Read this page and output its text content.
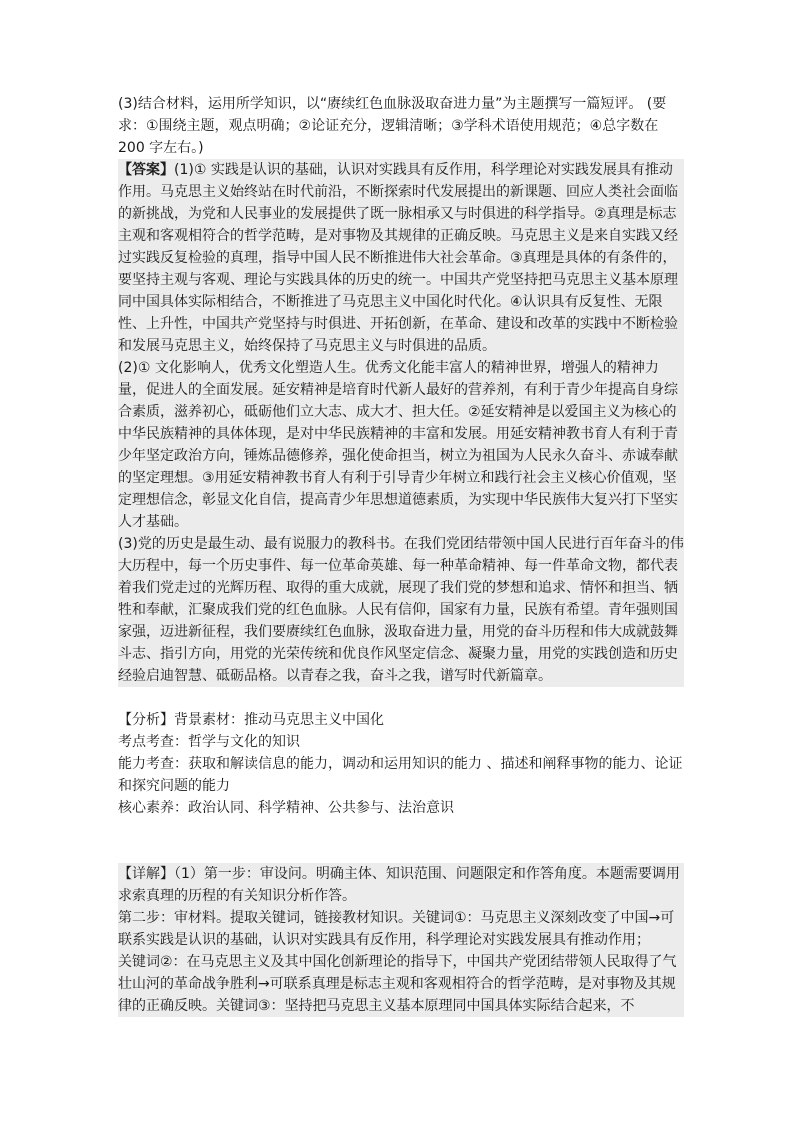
(3)结合材料，运用所学知识，以“赓续红色血脉汲取奋进力量”为主题撰写一篇短评。 (要求：①围绕主题，观点明确；②论证充分，逻辑清晰；③学科术语使用规范；④总字数在200 字左右。)

【答案】(1)① 实践是认识的基础，认识对实践具有反作用，科学理论对实践发展具有推动作用。马克思主义始终站在时代前沿，不断探索时代发展提出的新课题、回应人类社会面临的新挑战，为党和人民事业的发展提供了既一脉相承又与时俱进的科学指导。②真理是标志主观和客观相符合的哲学范畴，是对事物及其规律的正确反映。马克思主义是来自实践又经过实践反复检验的真理，指导中国人民不断推进伟大社会革命。③真理是具体的有条件的，要坚持主观与客观、理论与实践具体的历史的统一。中国共产党坚持把马克思主义基本原理同中国具体实际相结合，不断推进了马克思主义中国化时代化。④认识具有反复性、无限性、上升性，中国共产党坚持与时俱进、开拓创新，在革命、建设和改革的实践中不断检验和发展马克思主义，始终保持了马克思主义与时俱进的品质。

(2)① 文化影响人，优秀文化塑造人生。优秀文化能丰富人的精神世界，增强人的精神力量，促进人的全面发展。延安精神是培育时代新人最好的营养剂，有利于青少年提高自身综合素质，滋养初心，砥砺他们立大志、成大才、担大任。②延安精神是以爱国主义为核心的中华民族精神的具体体现，是对中华民族精神的丰富和发展。用延安精神教书育人有利于青少年坚定政治方向，锤炼品德修养，强化使命担当，树立为祖国为人民永久奋斗、赤诚奉献的坚定理想。③用延安精神教书育人有利于引导青少年树立和践行社会主义核心价值观，坚定理想信念，彰显文化自信，提高青少年思想道德素质，为实现中华民族伟大复兴打下坚实人才基础。

(3)党的历史是最生动、最有说服力的教科书。在我们党团结带领中国人民进行百年奋斗的伟大历程中，每一个历史事件、每一位革命英雄、每一种革命精神、每一件革命文物，都代表着我们党走过的光辉历程、取得的重大成就，展现了我们党的梦想和追求、情怀和担当、牺牲和奉献，汇聚成我们党的红色血脉。人民有信仰，国家有力量，民族有希望。青年强则国家强，迈进新征程，我们要赓续红色血脉，汲取奋进力量，用党的奋斗历程和伟大成就鼓舞斗志、指引方向，用党的光荣传统和优良作风坚定信念、凝聚力量，用党的实践创造和历史经验启迪智慧、砥砺品格。以青春之我，奋斗之我，谱写时代新篇章。

【分析】背景素材：推动马克思主义中国化

考点考查：哲学与文化的知识

能力考查：获取和解读信息的能力，调动和运用知识的能力 、描述和阐释事物的能力、论证和探究问题的能力

核心素养：政治认同、科学精神、公共参与、法治意识

【详解】（1）第一步：审设问。明确主体、知识范围、问题限定和作答角度。本题需要调用求索真理的历程的有关知识分析作答。

第二步：审材料。提取关键词，链接教材知识。关键词①：马克思主义深刻改变了中国→可联系实践是认识的基础，认识对实践具有反作用，科学理论对实践发展具有推动作用；

关键词②：在马克思主义及其中国化创新理论的指导下，中国共产党团结带领人民取得了气壮山河的革命战争胜利→可联系真理是标志主观和客观相符合的哲学范畴，是对事物及其规律的正确反映。关键词③：坚持把马克思主义基本原理同中国具体实际结合起来，不
